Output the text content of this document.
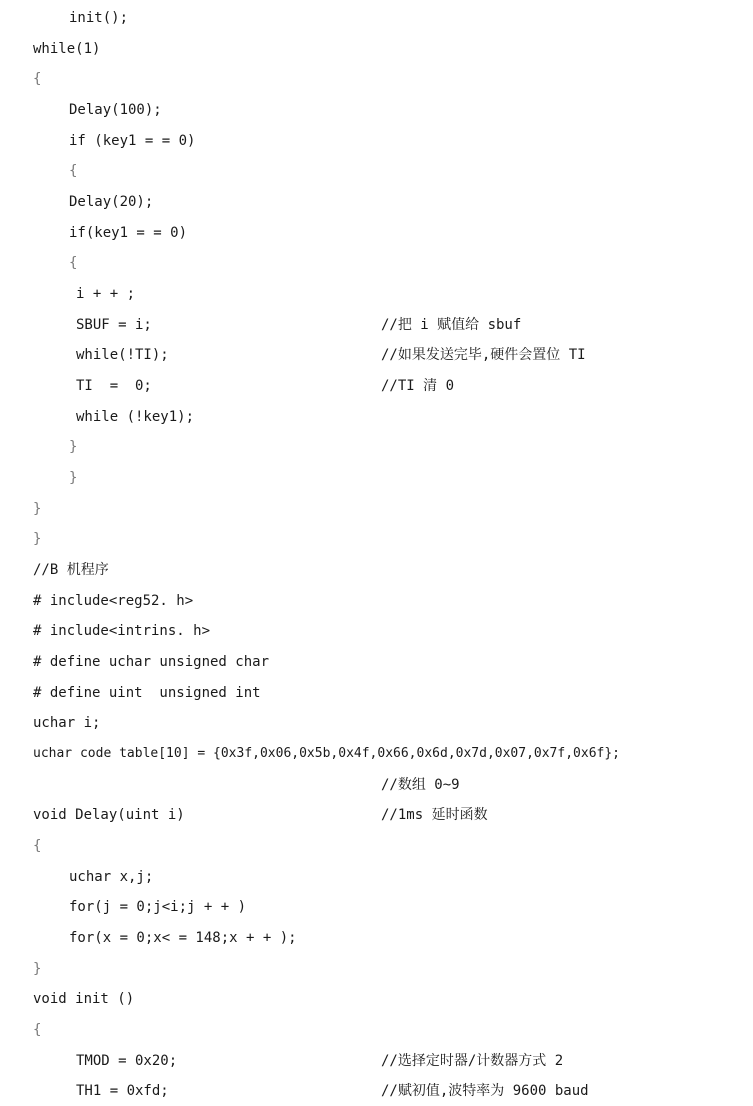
init();
while(1)
{
Delay(100);
if (key1 = = 0)
{
Delay(20);
if(key1 = = 0)
{
i + + ;
SBUF = i;	//把 i 赋值给 sbuf
while(!TI);	//如果发送完毕,硬件会置位 TI
TI  =  0;	//TI 清 0
while (!key1);
}
}
}
}
//B 机程序
# include<reg52. h>
# include<intrins. h>
# define uchar unsigned char
# define uint  unsigned int
uchar i;
uchar code table[10] = {0x3f,0x06,0x5b,0x4f,0x66,0x6d,0x7d,0x07,0x7f,0x6f};
//数组 0~9
void Delay(uint i)	//1ms 延时函数
{
uchar x,j;
for(j = 0;j<i;j + + )
for(x = 0;x< = 148;x + + );
}
void init ()
{
TMOD = 0x20;	//选择定时器/计数器方式 2
TH1 = 0xfd;	//赋初值,波特率为 9600 baud
